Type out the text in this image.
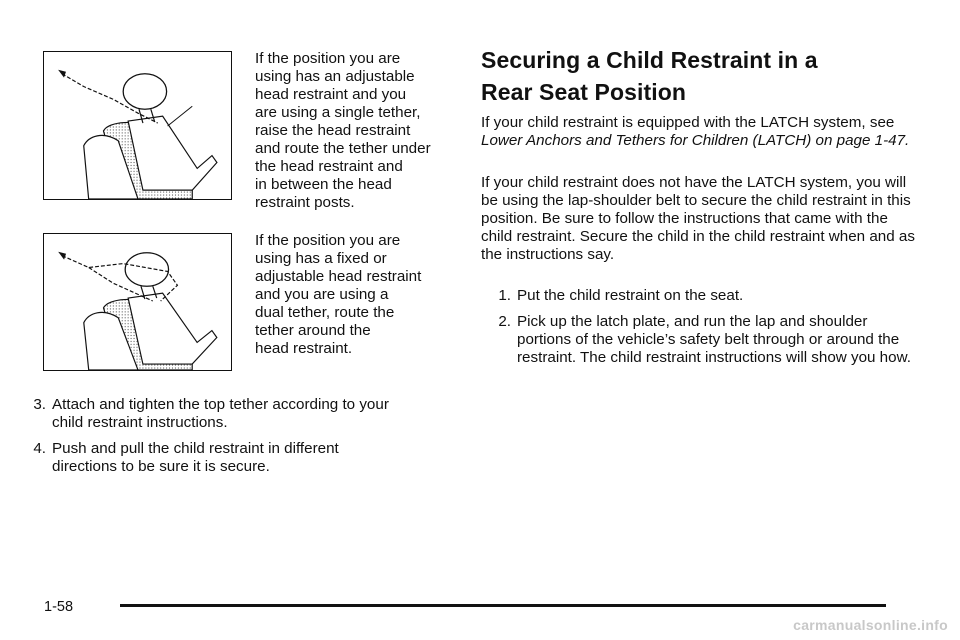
If the position you are
using has an adjustable
head restraint and you
are using a single tether,
raise the head restraint
and route the tether under
the head restraint and
in between the head
restraint posts.

If the position you are
using has a fixed or
adjustable head restraint
and you are using a
dual tether, route the
tether around the
head restraint.

3. Attach and tighten the top tether according to your
child restraint instructions.
4. Push and pull the child restraint in different
directions to be sure it is secure.
Securing a Child Restraint in a
Rear Seat Position

If your child restraint is equipped with the LATCH system, see Lower Anchors and Tethers for Children (LATCH) on page 1-47.

If your child restraint does not have the LATCH system, you will be using the lap-shoulder belt to secure the child restraint in this position. Be sure to follow the instructions that came with the child restraint. Secure the child in the child restraint when and as the instructions say.

1. Put the child restraint on the seat.
2. Pick up the latch plate, and run the lap and shoulder portions of the vehicle’s safety belt through or around the restraint. The child restraint instructions will show you how.
1-58
carmanualsonline.info
